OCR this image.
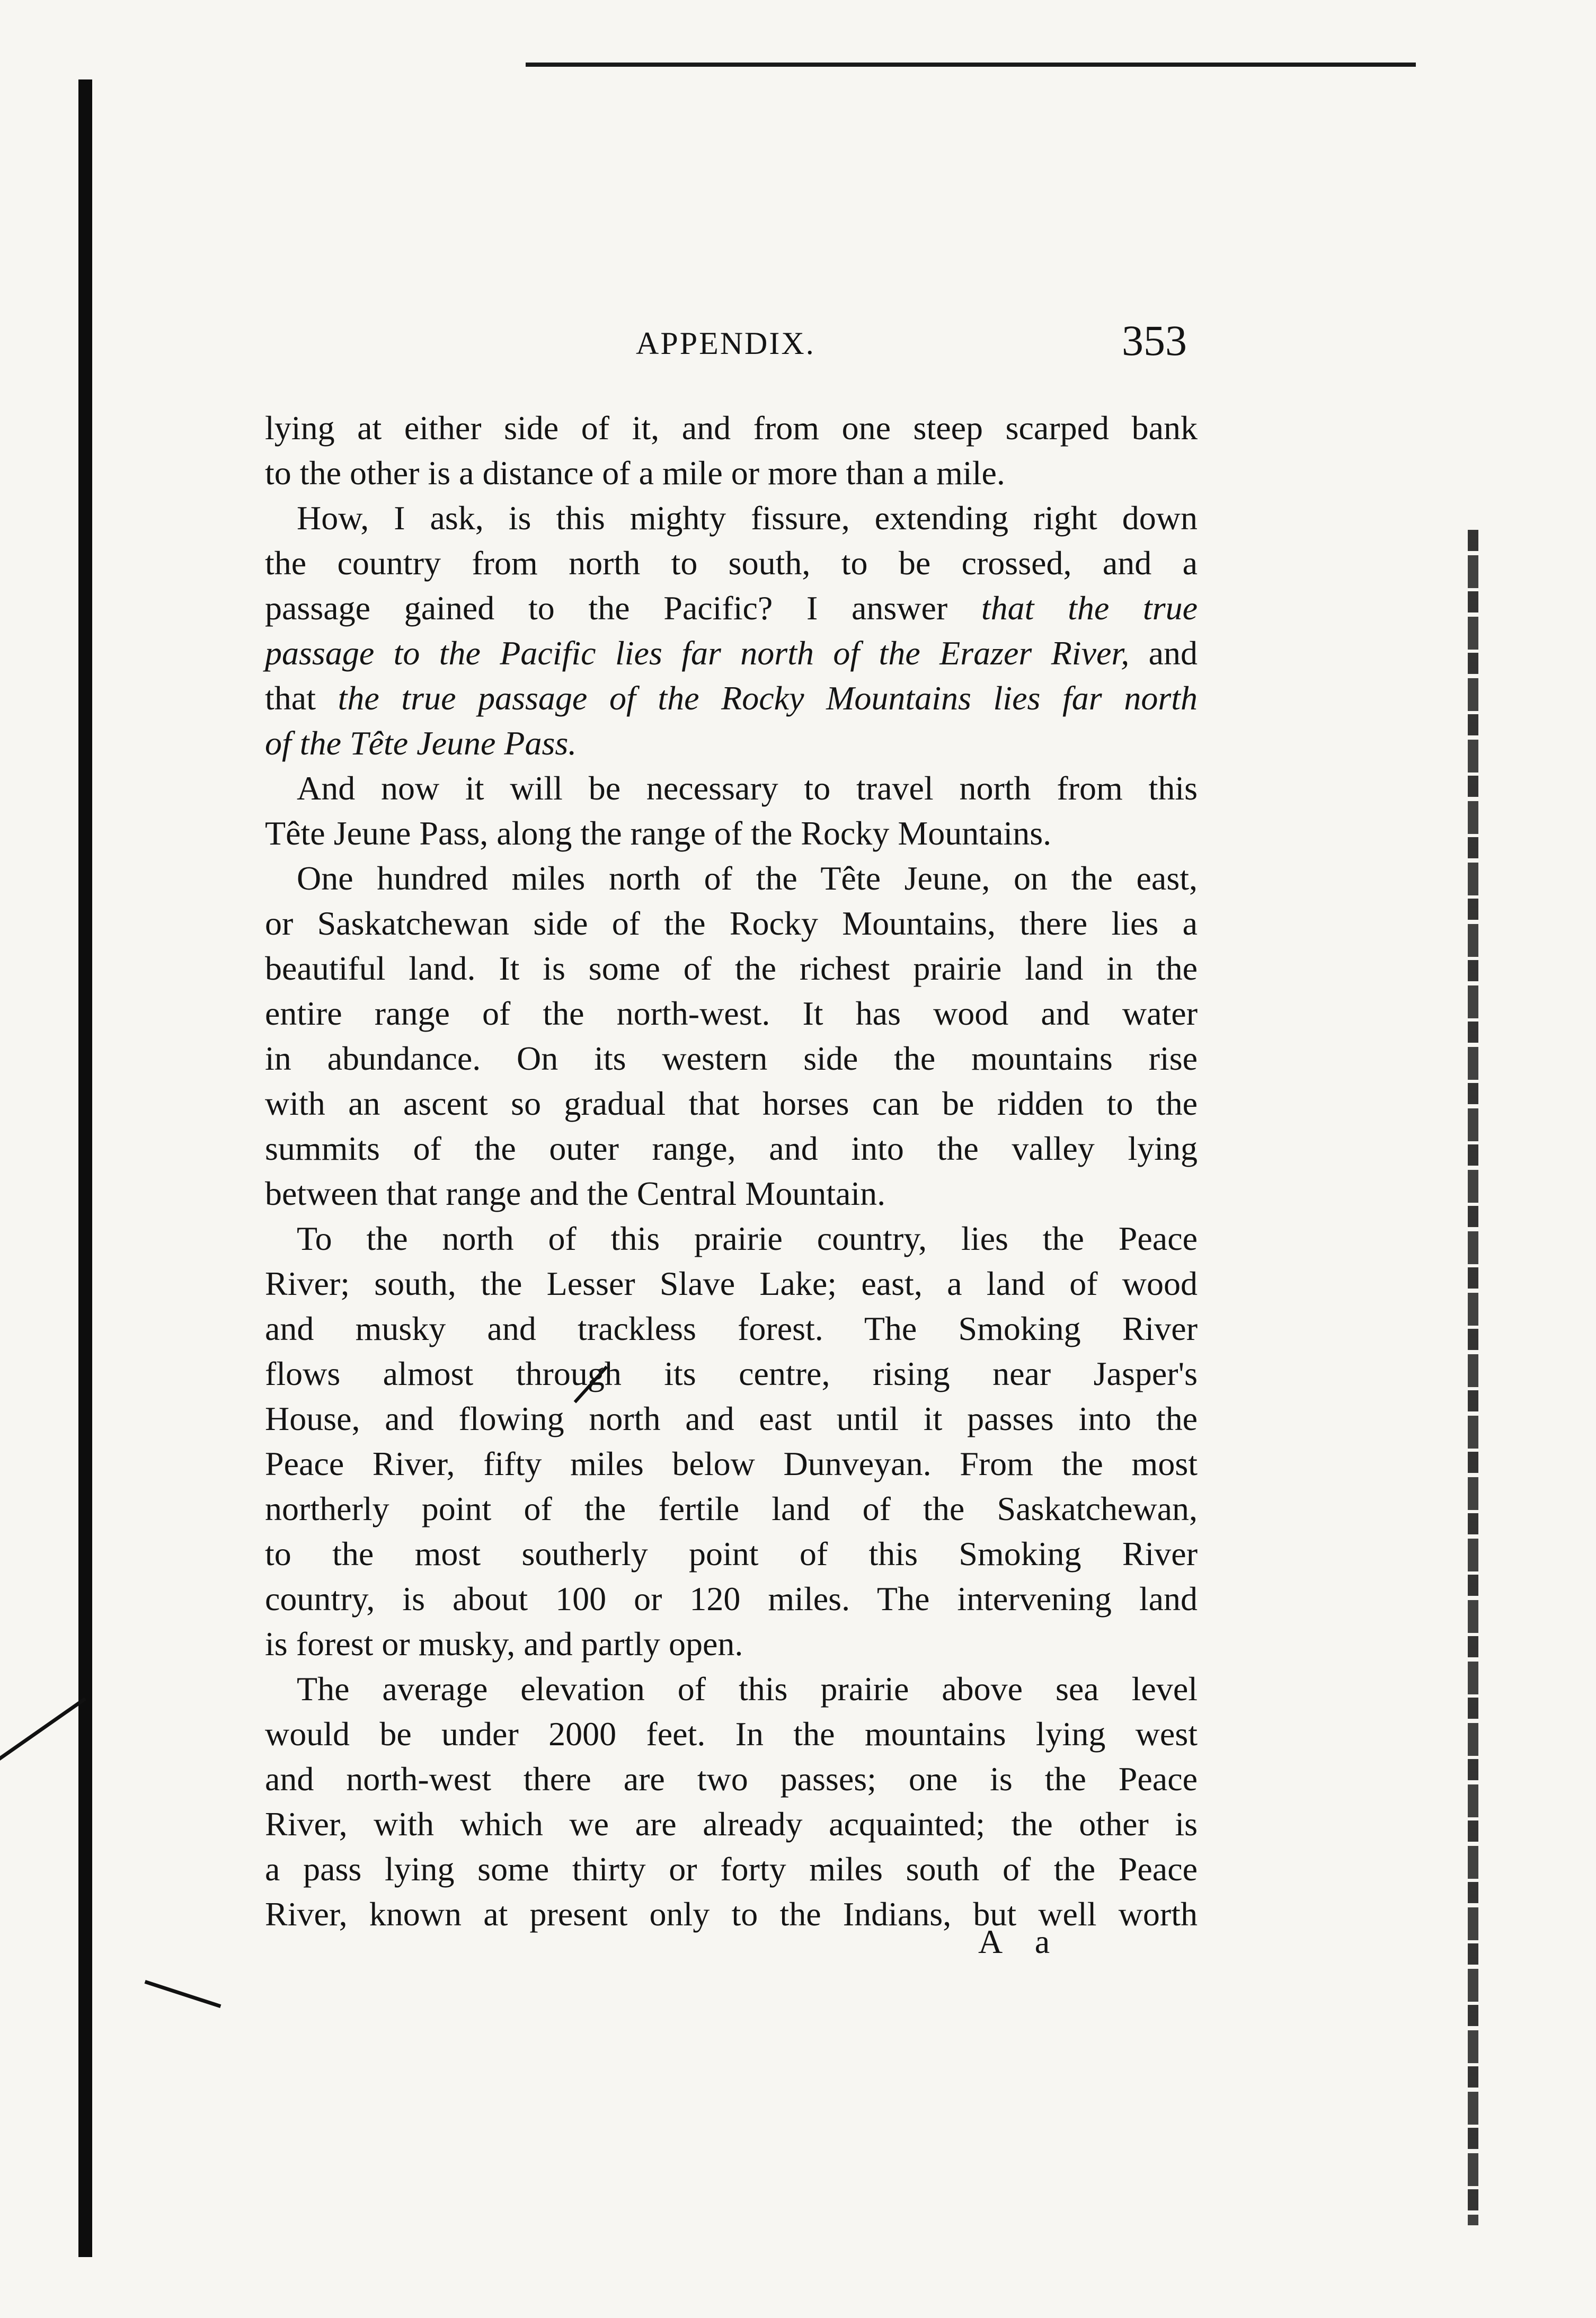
APPENDIX.	353
lying at either side of it, and from one steep scarped bank
to the other is a distance of a mile or more than a mile.
How, I ask, is this mighty fissure, extending right down
the country from north to south, to be crossed, and a
passage gained to the Pacific? I answer that the true
passage to the Pacific lies far north of the Erazer River, and
that the true passage of the Rocky Mountains lies far north
of the Tête Jeune Pass.
And now it will be necessary to travel north from this
Tête Jeune Pass, along the range of the Rocky Mountains.
One hundred miles north of the Tête Jeune, on the east,
or Saskatchewan side of the Rocky Mountains, there lies a
beautiful land. It is some of the richest prairie land in the
entire range of the north-west. It has wood and water
in abundance. On its western side the mountains rise
with an ascent so gradual that horses can be ridden to the
summits of the outer range, and into the valley lying
between that range and the Central Mountain.
To the north of this prairie country, lies the Peace
River; south, the Lesser Slave Lake; east, a land of wood
and musky and trackless forest. The Smoking River
flows almost through its centre, rising near Jasper's
House, and flowing north and east until it passes into the
Peace River, fifty miles below Dunveyan. From the most
northerly point of the fertile land of the Saskatchewan,
to the most southerly point of this Smoking River
country, is about 100 or 120 miles. The intervening land
is forest or musky, and partly open.
The average elevation of this prairie above sea level
would be under 2000 feet. In the mountains lying west
and north-west there are two passes; one is the Peace
River, with which we are already acquainted; the other is
a pass lying some thirty or forty miles south of the Peace
River, known at present only to the Indians, but well worth
A a
